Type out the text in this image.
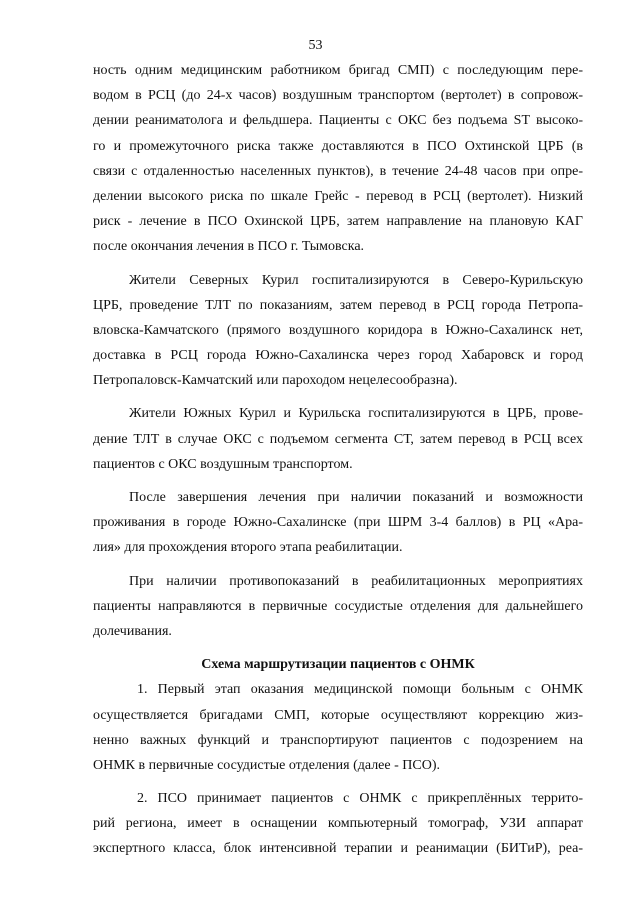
53
ность одним медицинским работником бригад СМП) с последующим пере-
водом в РСЦ (до 24-х часов) воздушным транспортом (вертолет) в сопровож-
дении реаниматолога и фельдшера. Пациенты с ОКС без подъема ST высоко-
го и промежуточного риска также доставляются в ПСО Охтинской ЦРБ (в
связи с отдаленностью населенных пунктов), в течение 24-48 часов при опре-
делении высокого риска по шкале Грейс - перевод в РСЦ (вертолет). Низкий
риск - лечение в ПСО Охинской ЦРБ, затем направление на плановую КАГ
после окончания лечения в ПСО г. Тымовска.
Жители Северных Курил госпитализируются в Северо-Курильскую
ЦРБ, проведение ТЛТ по показаниям, затем перевод в РСЦ города Петропа-
вловска-Камчатского (прямого воздушного коридора в Южно-Сахалинск нет,
доставка в РСЦ города Южно-Сахалинска через город Хабаровск и город
Петропаловск-Камчатский или пароходом нецелесообразна).
Жители Южных Курил и Курильска госпитализируются в ЦРБ, прове-
дение ТЛТ в случае ОКС с подъемом сегмента СТ, затем перевод в РСЦ всех
пациентов с ОКС воздушным транспортом.
После завершения лечения при наличии показаний и возможности
проживания в городе Южно-Сахалинске (при ШРМ 3-4 баллов) в РЦ «Ара-
лия» для прохождения второго этапа реабилитации.
При наличии противопоказаний в реабилитационных мероприятиях
пациенты направляются в первичные сосудистые отделения для дальнейшего
долечивания.
Схема маршрутизации пациентов с ОНМК
1. Первый этап оказания медицинской помощи больным с ОНМК
осуществляется бригадами СМП, которые осуществляют коррекцию жиз-
ненно важных функций и транспортируют пациентов с подозрением на
ОНМК в первичные сосудистые отделения (далее - ПСО).
2. ПСО принимает пациентов с ОНМК с прикреплённых террито-
рий региона, имеет в оснащении компьютерный томограф, УЗИ аппарат
экспертного класса, блок интенсивной терапии и реанимации (БИТиР), реа-
